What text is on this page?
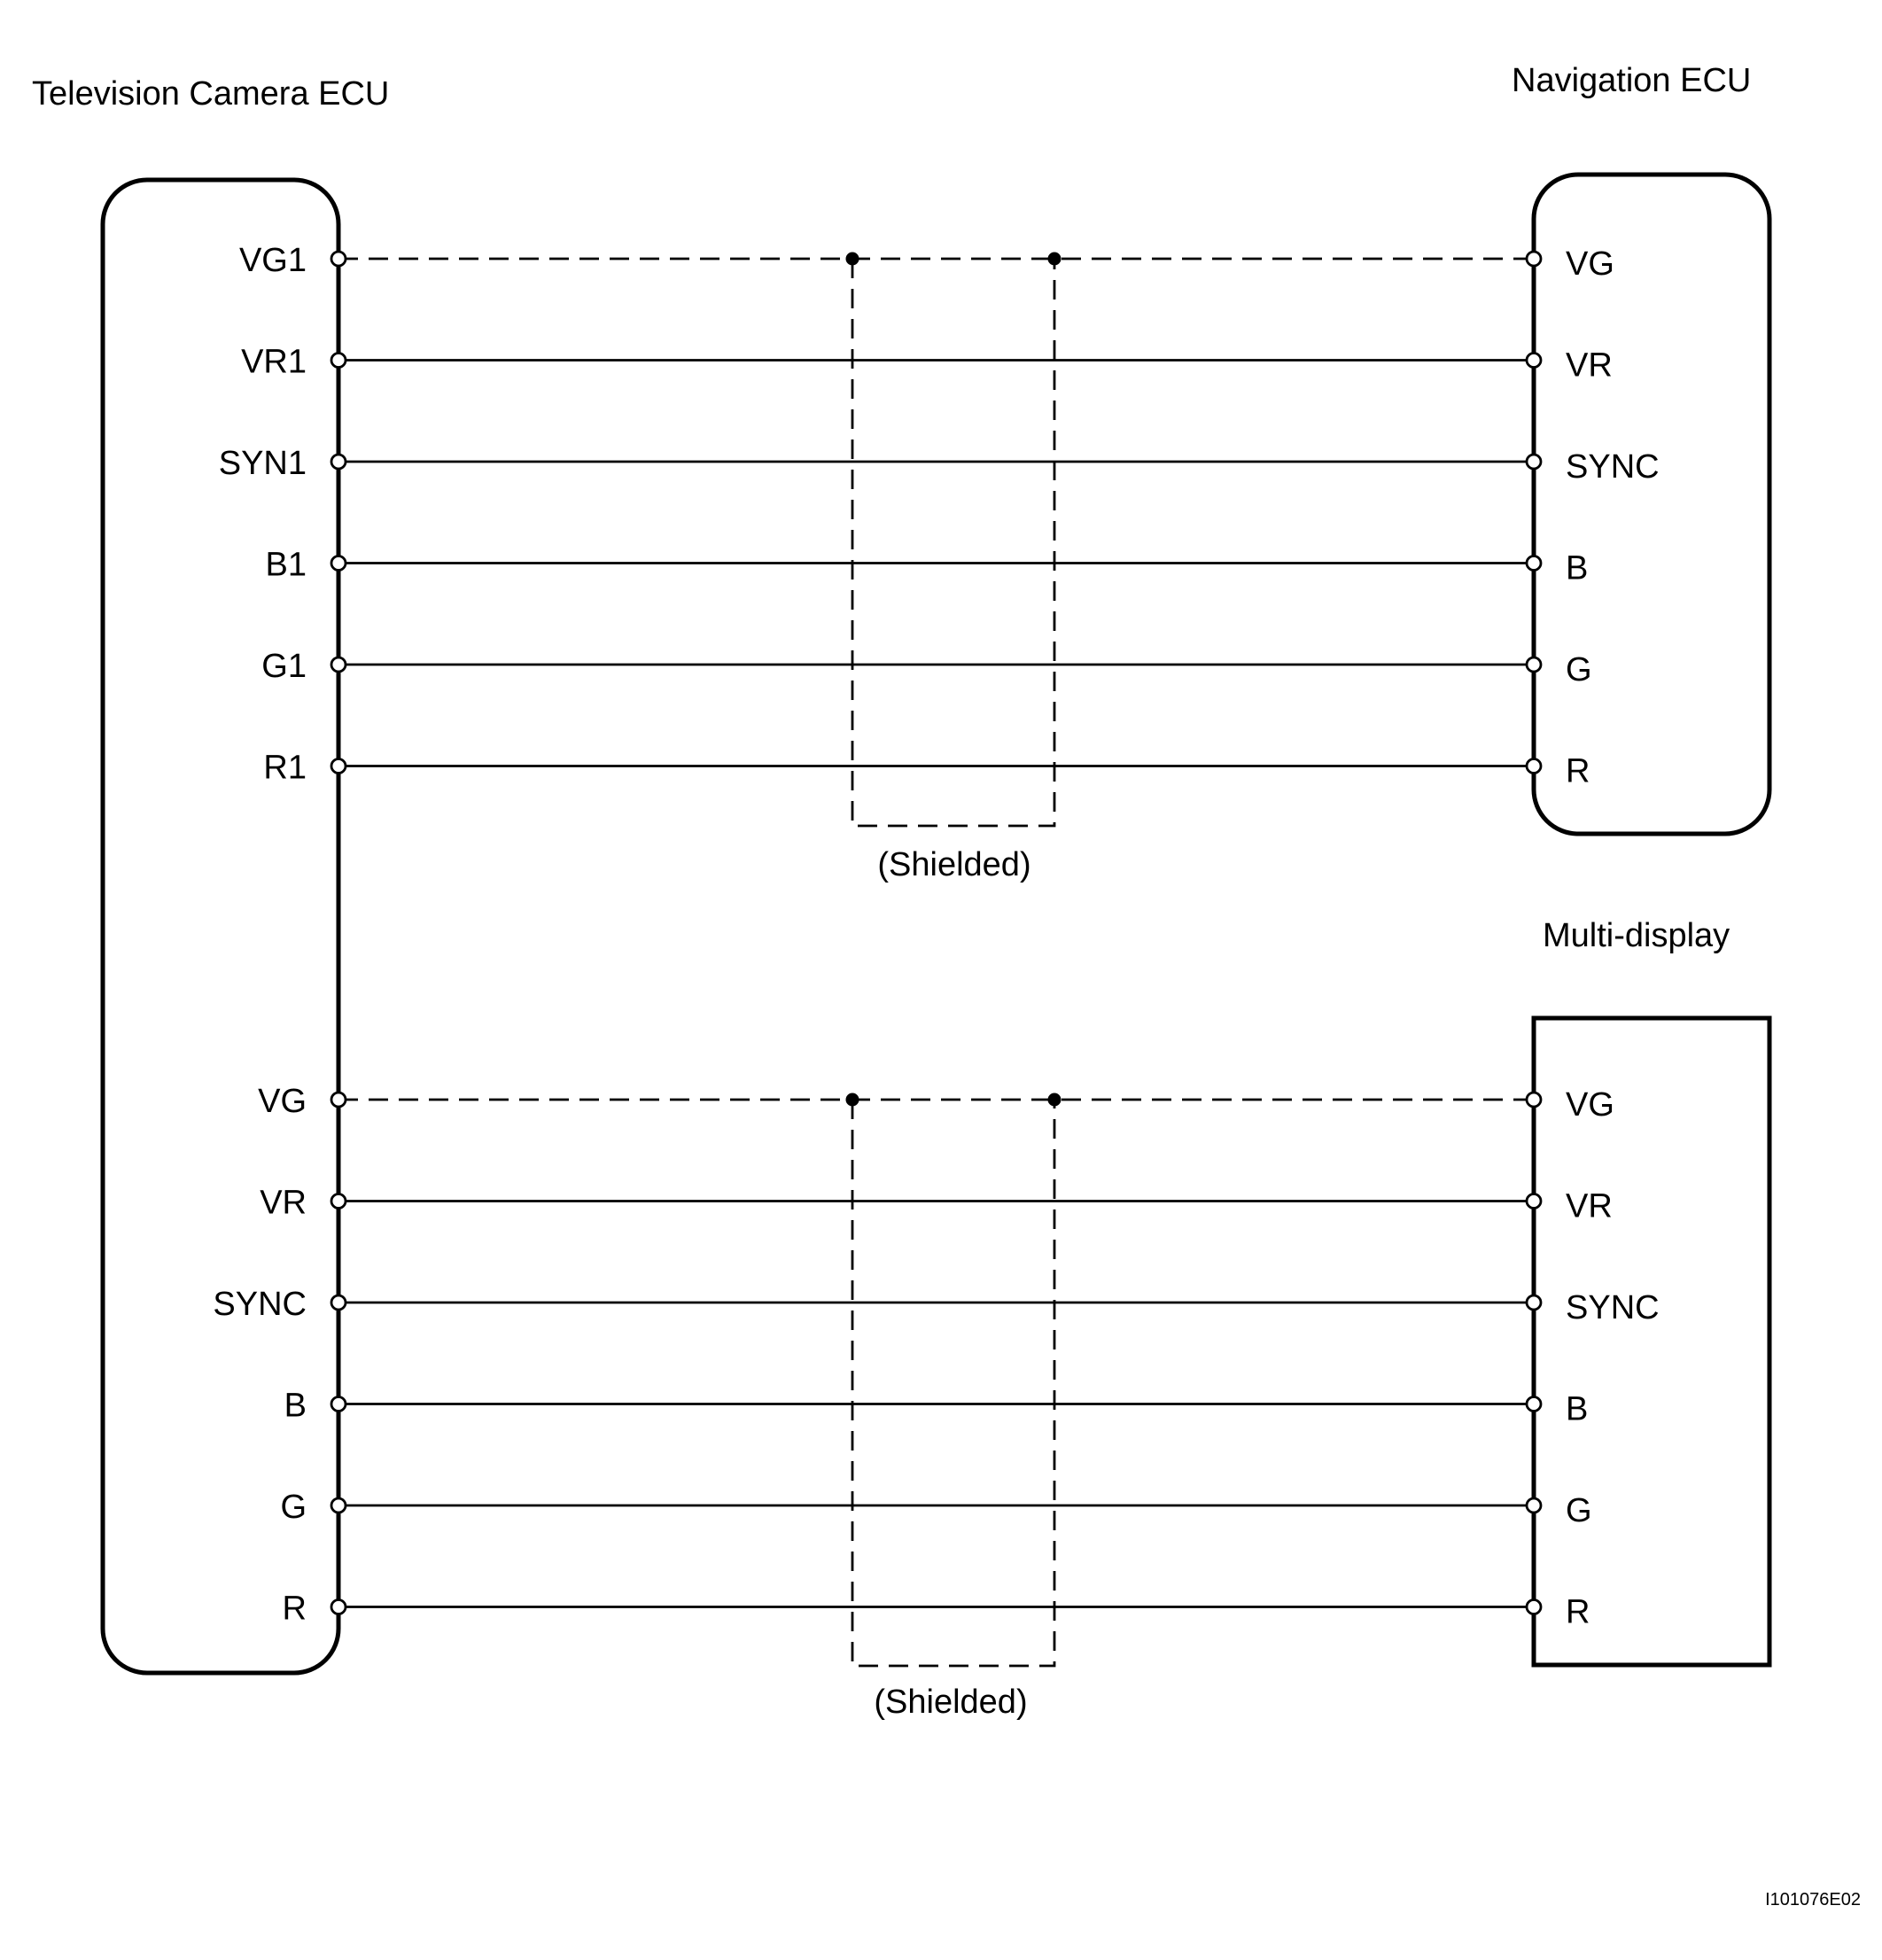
Television Camera ECU	Navigation ECU
Multi-display
VG1	VG
VR1	VR
SYN1	SYNC
B1	B
G1	G
R1	R
VG	VG
VR	VR
SYNC	SYNC
B	B
G	G
R	R
(Shielded)
(Shielded)
I101076E02
